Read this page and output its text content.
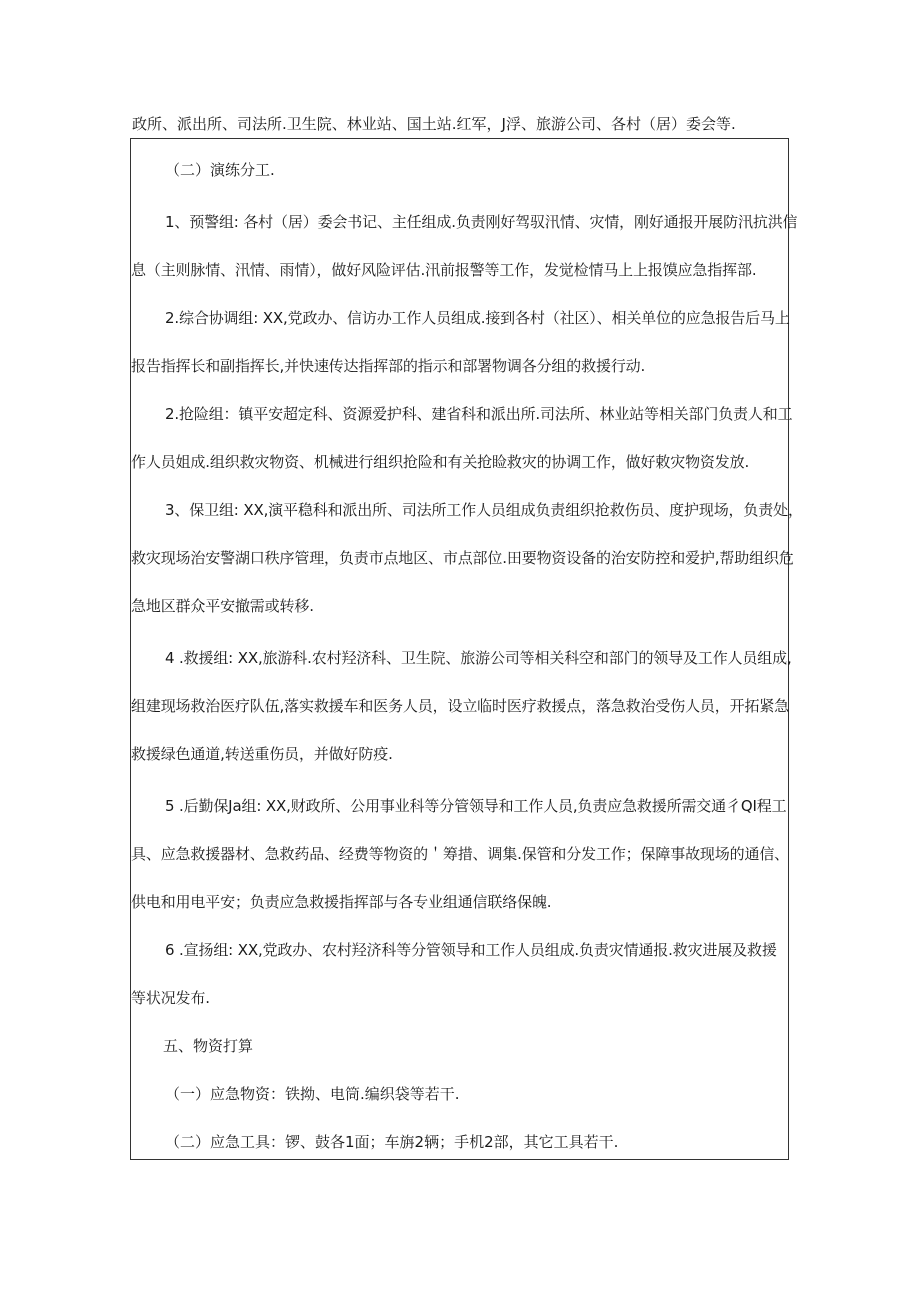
政所、派出所、司法所.卫生院、林业站、国土站.红军，J浮、旅游公司、各村（居）委会等.
（二）演练分工.
1、预警组: 各村（居）委会书记、主任组成.负责刚好驾驭汛情、灾情，刚好通报开展防汛抗洪信
息（主则脉情、汛情、雨情），做好风险评估.汛前报警等工作，发觉检情马上上报馍应急指挥部.
2.综合协调组: XX,党政办、信访办工作人员组成.接到各村（社区）、相关单位的应急报告后马上
报告指挥长和副指挥长,并快速传达指挥部的指示和部署物调各分组的救援行动.
2.抢险组：镇平安超定科、资源爱护科、建省科和派出所.司法所、林业站等相关部门负责人和工
作人员姐成.组织救灾物资、机械进行组织抢险和有关抢睑救灾的协调工作，做好敕灾物资发放.
3、保卫组: XX,演平稳科和派出所、司法所工作人员组成负责组织抢救伤员、度护现场，负责处，
救灾现场治安警湖口秩序管理，负责市点地区、市点部位.田要物资设备的治安防控和爱护,帮助组织危
急地区群众平安撤需或转移.
4 .救援组: XX,旅游科.农村羟济科、卫生院、旅游公司等相关科空和部门的领导及工作人员组成,
组建现场救治医疗队伍,落实救援车和医务人员，设立临时医疗救援点，落急救治受伤人员，开拓紧急
救援绿色通道,转送重伤员，并做好防疫.
5 .后勤保Ja组: XX,财政所、公用事业科等分管领导和工作人员,负责应急救援所需交通彳QI程工
具、应急救援器材、急救药品、经费等物资的＇筹措、调集.保管和分发工作；保障事故现场的通信、
供电和用电平安；负责应急救援指挥部与各专业组通信联络保魄.
6 .宣扬组: XX,党政办、农村羟济科等分管领导和工作人员组成.负责灾情通报.救灾进展及救援
等状况发布.
五、物资打算
（一）应急物资：铁拗、电筒.编织袋等若干.
（二）应急工具：锣、鼓各1面；车旃2辆；手机2部，其它工具若干.
